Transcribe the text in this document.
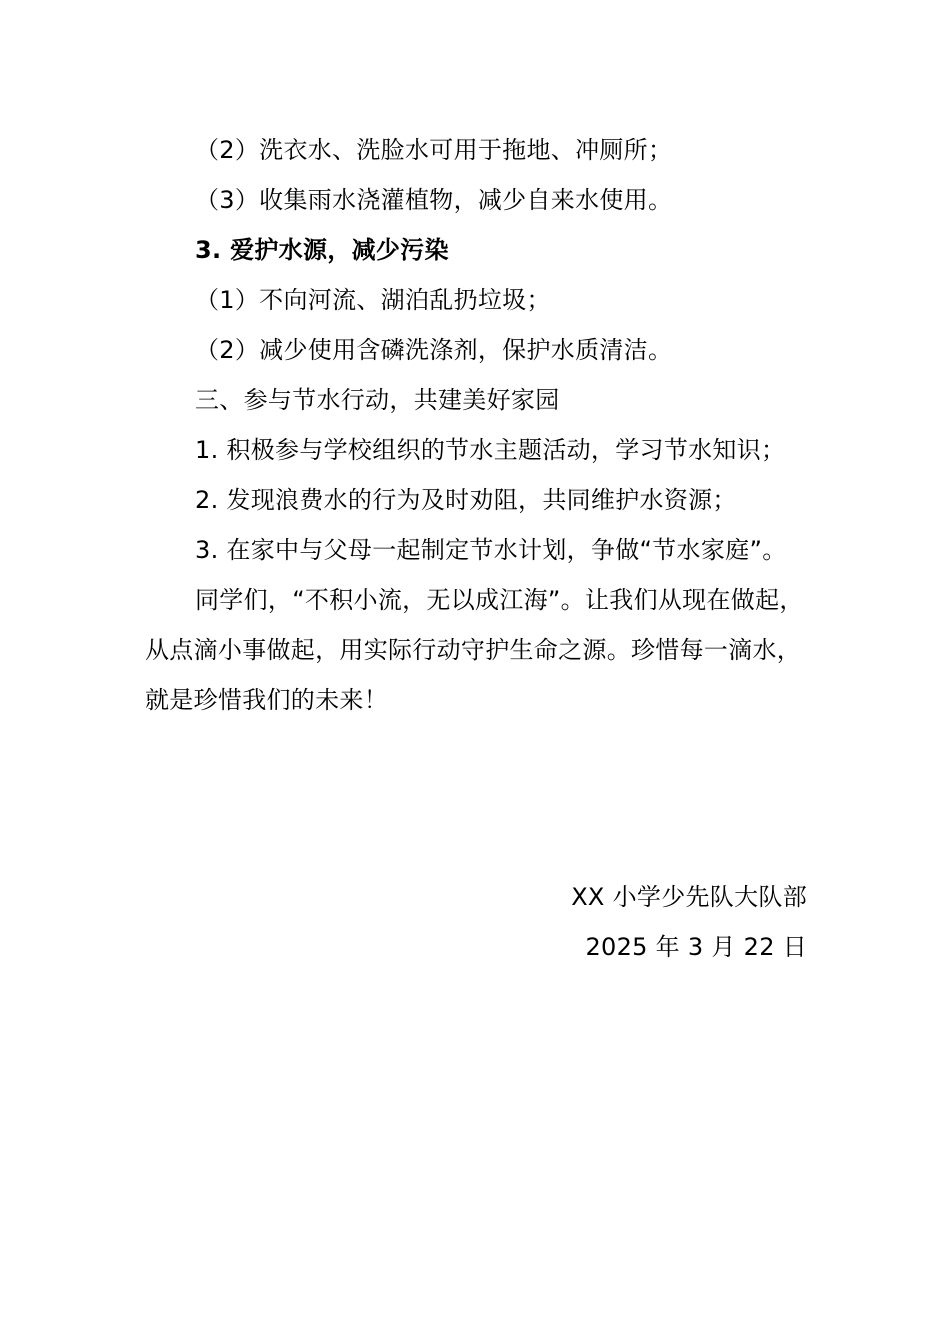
（2）洗衣水、洗脸水可用于拖地、冲厕所；

（3）收集雨水浇灌植物，减少自来水使用。

3. 爱护水源，减少污染

（1）不向河流、湖泊乱扔垃圾；

（2）减少使用含磷洗涤剂，保护水质清洁。

三、参与节水行动，共建美好家园

1. 积极参与学校组织的节水主题活动，学习节水知识；

2. 发现浪费水的行为及时劝阻，共同维护水资源；

3. 在家中与父母一起制定节水计划，争做“节水家庭”。

同学们，“不积小流，无以成江海”。让我们从现在做起，从点滴小事做起，用实际行动守护生命之源。珍惜每一滴水，就是珍惜我们的未来！

XX 小学少先队大队部

2025 年 3 月 22 日
